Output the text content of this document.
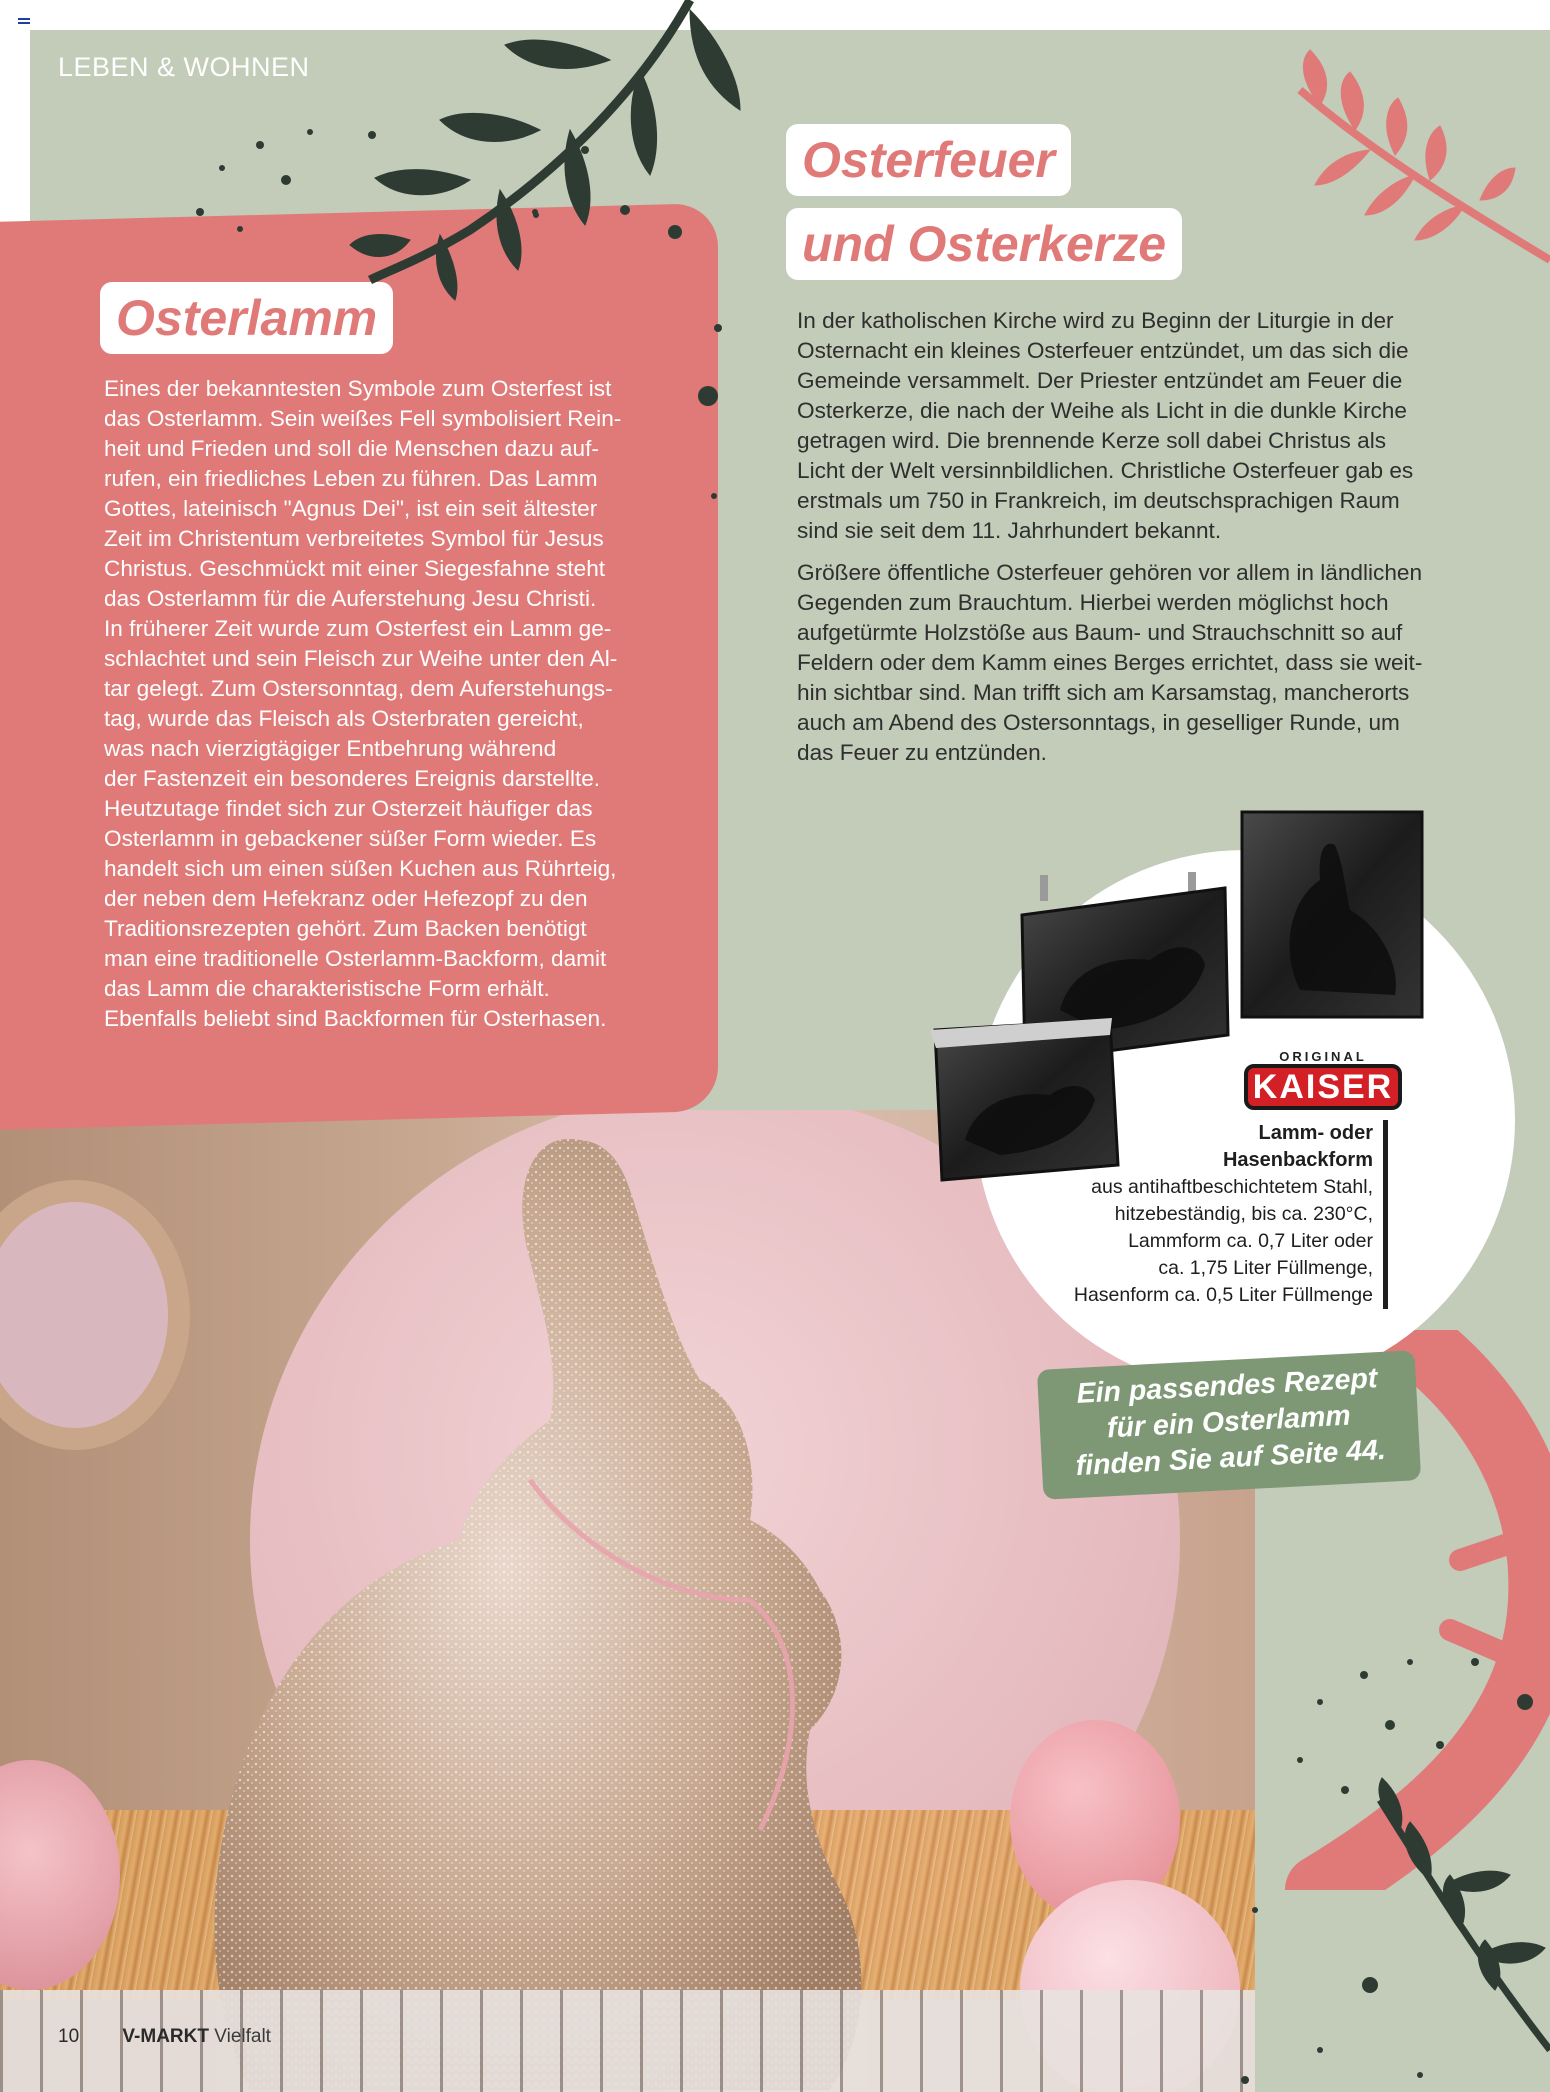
LEBEN & WOHNEN
Osterlamm
Eines der bekanntesten Symbole zum Osterfest ist
das Osterlamm. Sein weißes Fell symbolisiert Rein-
heit und Frieden und soll die Menschen dazu auf-
rufen, ein friedliches Leben zu führen. Das Lamm
Gottes, lateinisch "Agnus Dei", ist ein seit ältester
Zeit im Christentum verbreitetes Symbol für Jesus
Christus. Geschmückt mit einer Siegesfahne steht
das Osterlamm für die Auferstehung Jesu Christi.
In früherer Zeit wurde zum Osterfest ein Lamm ge-
schlachtet und sein Fleisch zur Weihe unter den Al-
tar gelegt. Zum Ostersonntag, dem Auferstehungs-
tag, wurde das Fleisch als Osterbraten gereicht,
was nach vierzigtägiger Entbehrung während
der Fastenzeit ein besonderes Ereignis darstellte.
Heutzutage findet sich zur Osterzeit häufiger das
Osterlamm in gebackener süßer Form wieder. Es
handelt sich um einen süßen Kuchen aus Rührteig,
der neben dem Hefekranz oder Hefezopf zu den
Traditionsrezepten gehört. Zum Backen benötigt
man eine traditionelle Osterlamm-Backform, damit
das Lamm die charakteristische Form erhält.
Ebenfalls beliebt sind Backformen für Osterhasen.
Osterfeuer
und Osterkerze

In der katholischen Kirche wird zu Beginn der Liturgie in der
Osternacht ein kleines Osterfeuer entzündet, um das sich die
Gemeinde versammelt. Der Priester entzündet am Feuer die
Osterkerze, die nach der Weihe als Licht in die dunkle Kirche
getragen wird. Die brennende Kerze soll dabei Christus als
Licht der Welt versinnbildlichen. Christliche Osterfeuer gab es
erstmals um 750 in Frankreich, im deutschsprachigen Raum
sind sie seit dem 11. Jahrhundert bekannt.

Größere öffentliche Osterfeuer gehören vor allem in ländlichen
Gegenden zum Brauchtum. Hierbei werden möglichst hoch
aufgetürmte Holzstöße aus Baum- und Strauchschnitt so auf
Feldern oder dem Kamm eines Berges errichtet, dass sie weit-
hin sichtbar sind. Man trifft sich am Karsamstag, mancherorts
auch am Abend des Ostersonntags, in geselliger Runde, um
das Feuer zu entzünden.

ORIGINAL
KAISER
Lamm- oder
Hasenbackform
aus antihaftbeschichtetem Stahl,
hitzebeständig, bis ca. 230°C,
Lammform ca. 0,7 Liter oder
ca. 1,75 Liter Füllmenge,
Hasenform ca. 0,5 Liter Füllmenge
Ein passendes Rezept
für ein Osterlamm
finden Sie auf Seite 44.
10 V-MARKT Vielfalt
